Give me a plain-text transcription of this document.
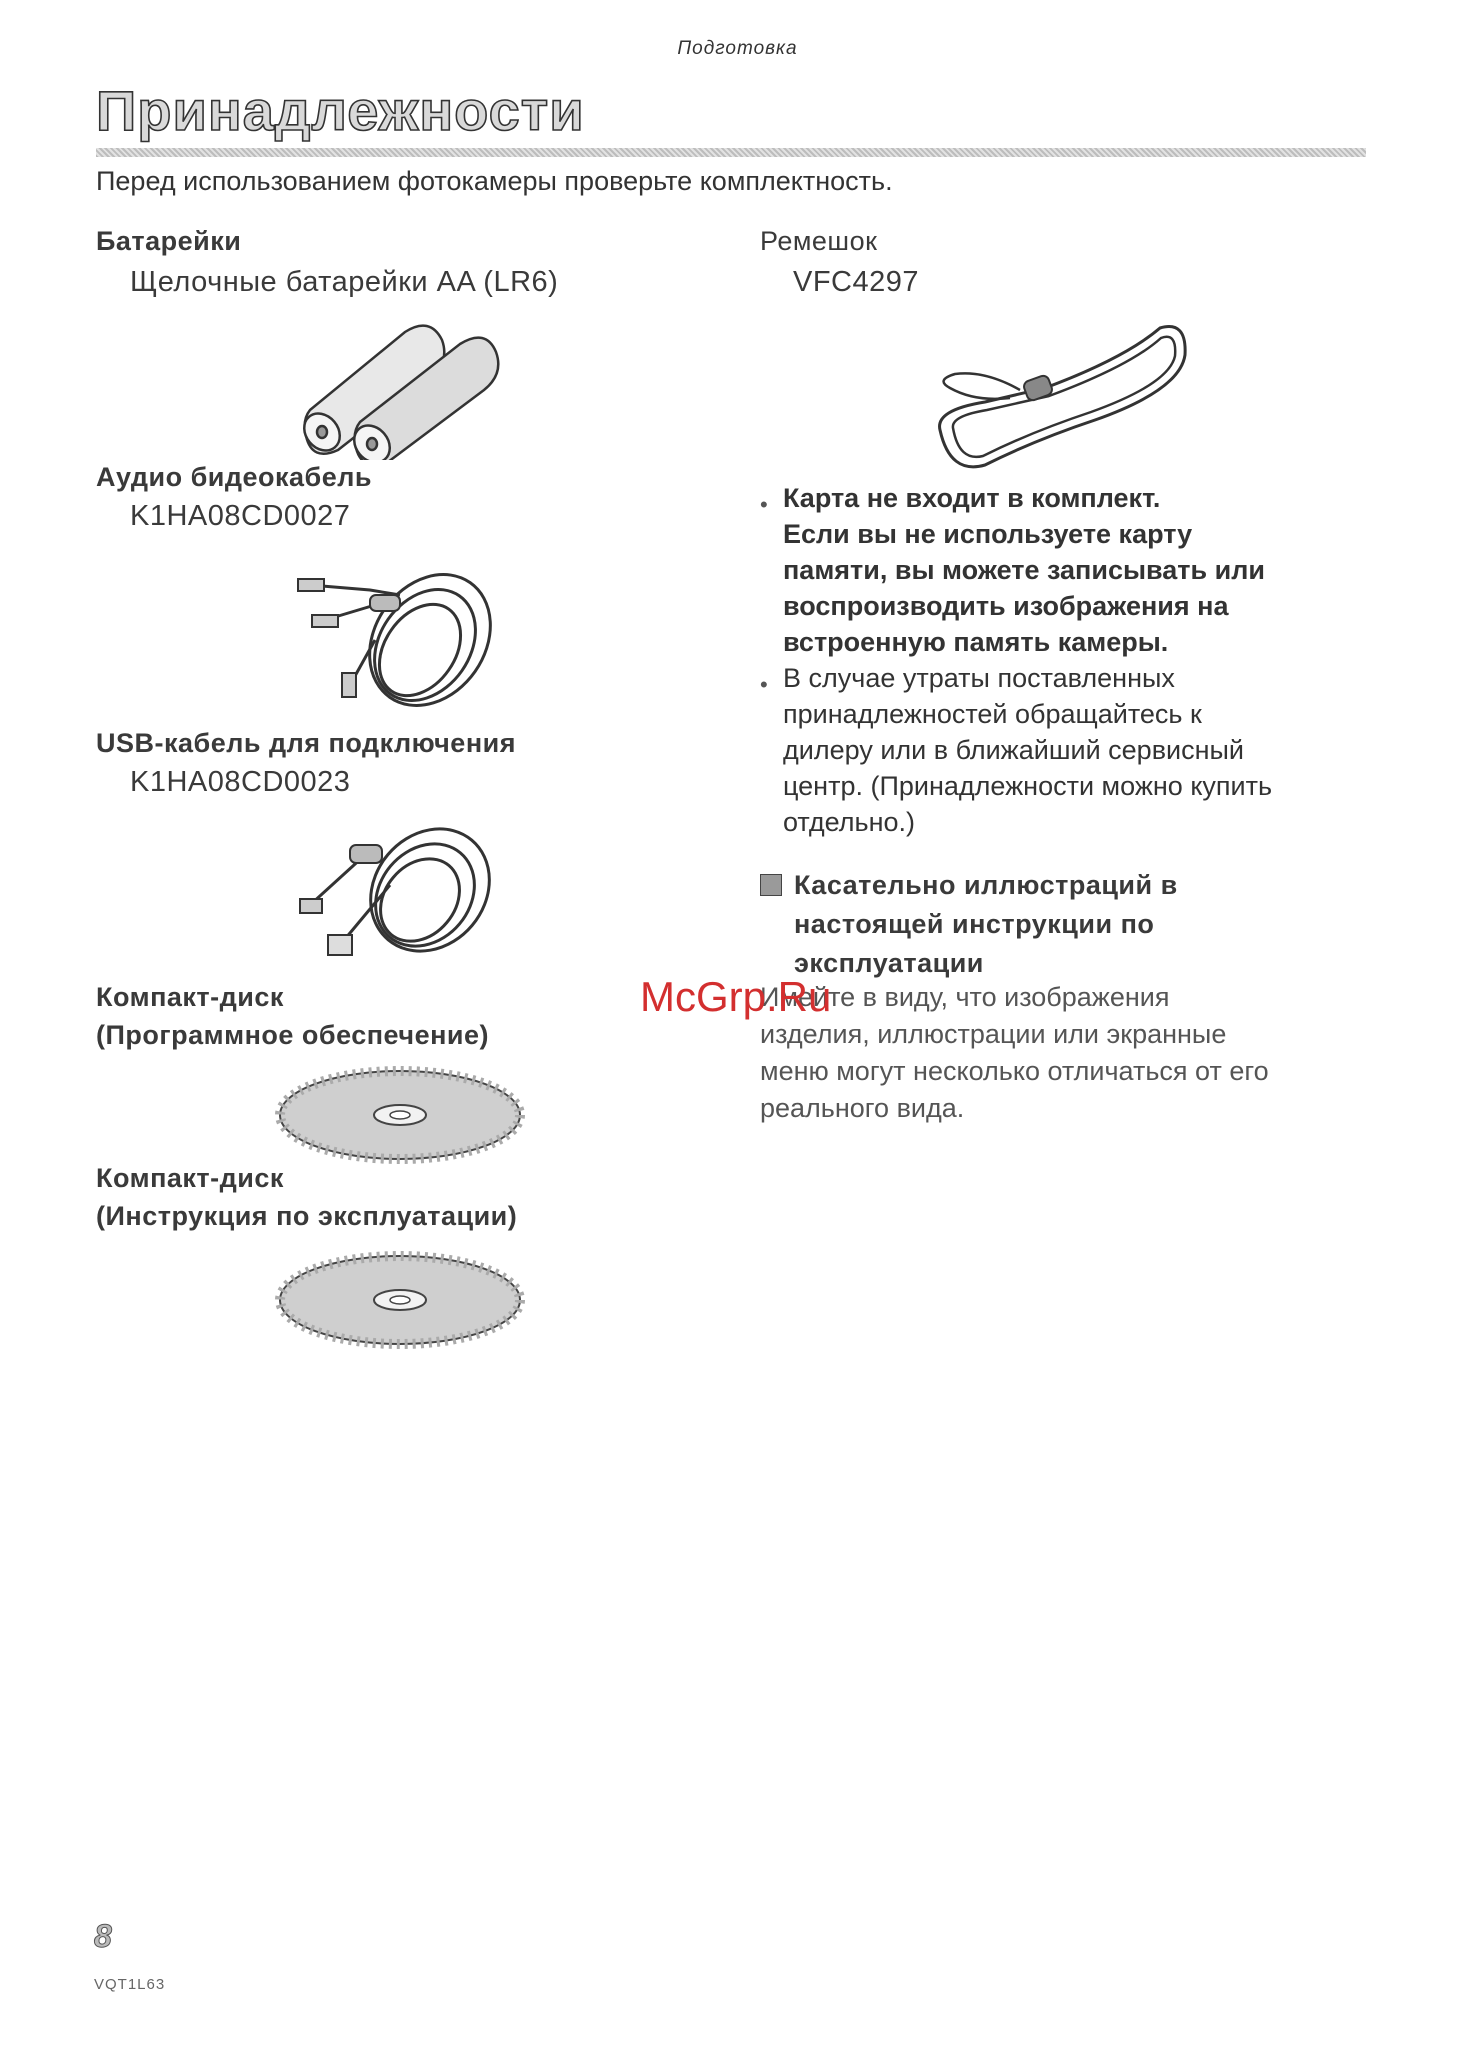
Подготовка
Принадлежности
Перед использованием фотокамеры проверьте комплектность.
Батарейки
Щелочные батарейки AA (LR6)
Аудио бидеокабель
K1HA08CD0027
USB-кабель для подключения
K1HA08CD0023
Компакт-диск
(Программное обеспечение)
Компакт-диск
(Инструкция по эксплуатации)
Ремешок
VFC4297
• Карта не входит в комплект.
Если вы не используете карту
памяти, вы можете записывать или
воспроизводить изображения на
встроенную память камеры.
• В случае утраты поставленных
принадлежностей обращайтесь к
дилеру или в ближайший сервисный
центр. (Принадлежности можно купить
отдельно.)
Касательно иллюстраций в
настоящей инструкции по
эксплуатации
Имейте в виду, что изображения
изделия, иллюстрации или экранные
меню могут несколько отличаться от его
реального вида.
McGrp.Ru
8
VQT1L63
